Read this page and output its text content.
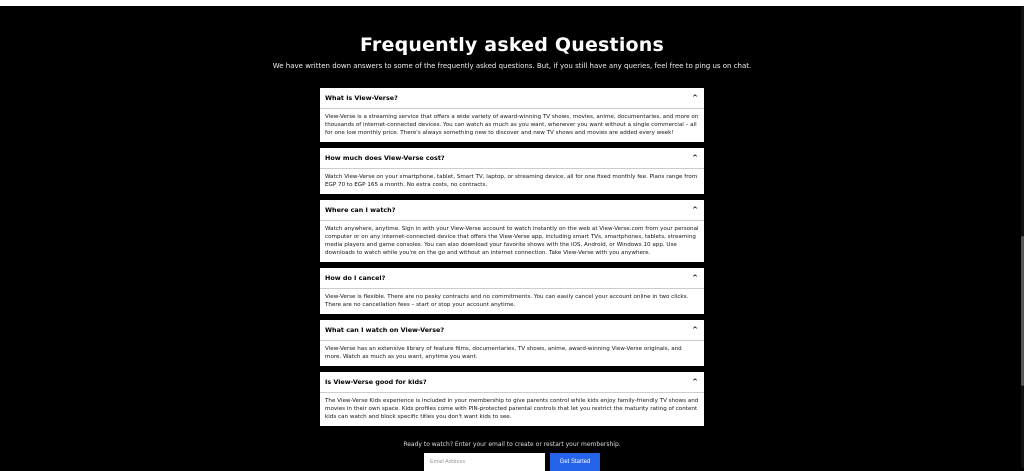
Frequently asked Questions

We have written down answers to some of the frequently asked questions. But, if you still have any queries, feel free to ping us on chat.

What is View-Verse?	^
View-Verse is a streaming service that offers a wide variety of award-winning TV shows, movies, anime, documentaries, and more on thousands of internet-connected devices. You can watch as much as you want, whenever you want without a single commercial – all for one low monthly price. There's always something new to discover and new TV shows and movies are added every week!
How much does View-Verse cost?	^
Watch View-Verse on your smartphone, tablet, Smart TV, laptop, or streaming device, all for one fixed monthly fee. Plans range from EGP 70 to EGP 165 a month. No extra costs, no contracts.
Where can I watch?	^
Watch anywhere, anytime. Sign in with your View-Verse account to watch instantly on the web at View-Verse.com from your personal computer or on any internet-connected device that offers the View-Verse app, including smart TVs, smartphones, tablets, streaming media players and game consoles. You can also download your favorite shows with the iOS, Android, or Windows 10 app. Use downloads to watch while you're on the go and without an internet connection. Take View-Verse with you anywhere.
How do I cancel?	^
View-Verse is flexible. There are no pesky contracts and no commitments. You can easily cancel your account online in two clicks. There are no cancellation fees – start or stop your account anytime.
What can I watch on View-Verse?	^
View-Verse has an extensive library of feature films, documentaries, TV shows, anime, award-winning View-Verse originals, and more. Watch as much as you want, anytime you want.
Is View-Verse good for kids?	^
The View-Verse Kids experience is included in your membership to give parents control while kids enjoy family-friendly TV shows and movies in their own space. Kids profiles come with PIN-protected parental controls that let you restrict the maturity rating of content kids can watch and block specific titles you don't want kids to see.

Ready to watch? Enter your email to create or restart your membership.

Email Address
Get Started
